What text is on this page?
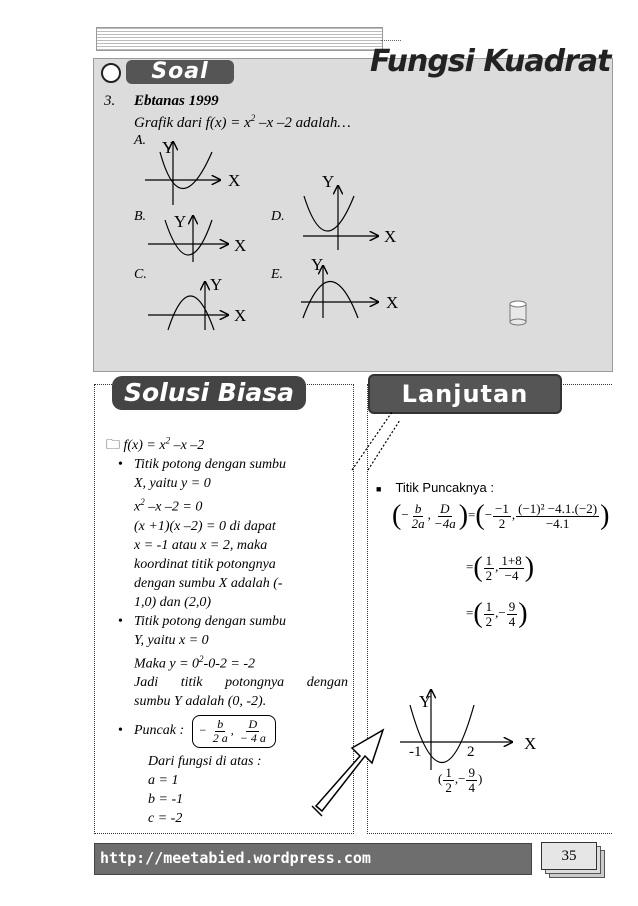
Soal	Fungsi Kuadrat
3. Ebtanas 1999
Grafik dari $f(x) = x^2$ –x –2 adalah…
A.
B.
C.
D.
E.
Y
X
Y
X
Y
X
Y
X
Y
X
Solusi Biasa
🗀 $f(x) = x^2$ –x –2
• Titik potong dengan sumbu
X, yaitu y = 0
$x^2$ –x –2 = 0
(x +1)(x –2) = 0 di dapat
x = -1 atau x = 2, maka
koordinat titik potongnya
dengan sumbu X adalah (-
1,0) dan (2,0)
• Titik potong dengan sumbu
Y, yaitu x = 0
Maka $y = 0^2-0-2 = -2$
Jadi titik potongnya dengan
sumbu Y adalah (0, -2).
• Puncak : − $\frac{b}{2 a}$ , $\frac{D}{- 4 a}$
Dari fungsi di atas :
a = 1
b = -1
c = -2
Lanjutan
■ Titik Puncaknya :
(− $\frac{b}{2a}$ , $\frac{D}{-4a}$ )=(− $\frac{-1}{2}$ , $\frac{\text{(−1)² −4.1.(−2)}}{-4.1}$ )
=( $\frac{1}{2}$ , $\frac{1+8}{-4}$ )
=( $\frac{1}{2}$ ,− $\frac{9}{4}$ )
Y
X
-1	2
( $\frac{1}{2}$ ,− $\frac{9}{4}$ )
http://meetabied.wordpress.com	35
